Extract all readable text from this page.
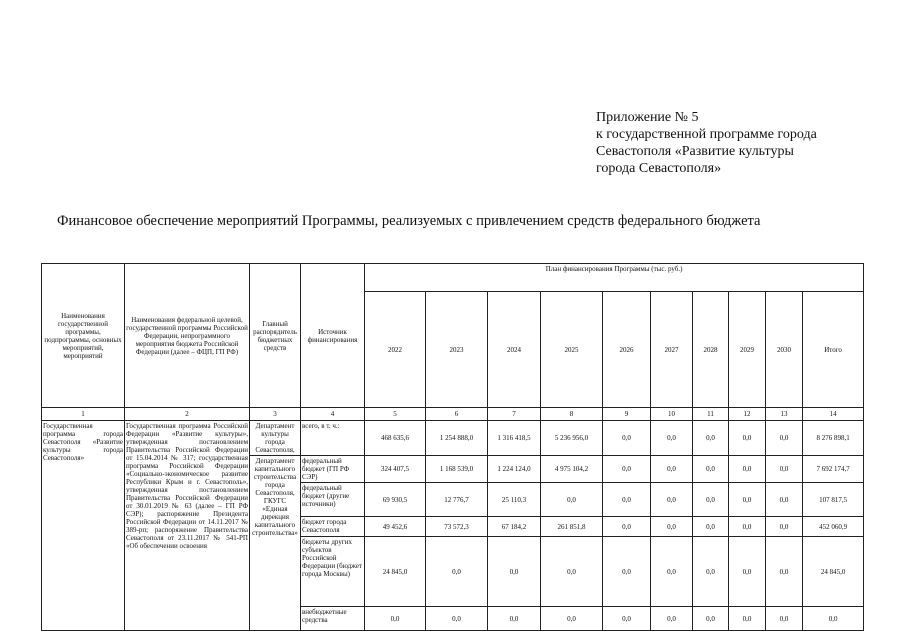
Приложение № 5
к государственной программе города
Севастополя «Развитие культуры
города Севастополя»
Финансовое обеспечение мероприятий Программы, реализуемых с привлечением средств федерального бюджета
Наименования государственной программы, подпрограммы, основных мероприятий, мероприятий	Наименования федеральной целевой, государственной программы Российской Федерации, непрограммного мероприятия бюджета Российской Федерации (далее – ФЦП, ГП РФ)	Главный распорядитель бюджетных средств	Источник финансирования	План финансирования Программы (тыс. руб.)									
				2022	2023	2024	2025	2026	2027	2028	2029	2030	Итого
1	2	3	4	5	6	7	8	9	10	11	12	13	14
Государственная программа города Севастополя «Развитие культуры города Севастополя»	Государственная программа Российской Федерации «Развитие культуры», утвержденная постановлением Правительства Российской Федерации от 15.04.2014 № 317; государственная программа Российской Федерации «Социально-экономическое развитие Республики Крым и г. Севастополь», утвержденная постановлением Правительства Российской Федерации от 30.01.2019 № 63 (далее – ГП РФ СЭР); распоряжение Президента Российской Федерации от 14.11.2017 № 389-рп; распоряжение Правительства Севастополя от 23.11.2017 № 541-РП «Об обеспечении освоения	Департамент культуры города Севастополя,	всего, в т. ч.:	468 635,6	1 254 888,0	1 316 418,5	5 236 956,0	0,0	0,0	0,0	0,0	0,0	8 276 898,1
		Департамент капитального строительства города Севастополя, ГКУГС «Единая дирекция капитального строительства»	федеральный бюджет (ГП РФ СЭР)	324 407,5	1 168 539,0	1 224 124,0	4 975 104,2	0,0	0,0	0,0	0,0	0,0	7 692 174,7
			федеральный бюджет (другие источники)	69 930,5	12 776,7	25 110,3	0,0	0,0	0,0	0,0	0,0	0,0	107 817,5
			бюджет города Севастополя	49 452,6	73 572,3	67 184,2	261 851,8	0,0	0,0	0,0	0,0	0,0	452 060,9
			бюджеты других субъектов Российской Федерации (бюджет города Москвы)	24 845,0	0,0	0,0	0,0	0,0	0,0	0,0	0,0	0,0	24 845,0
			внебюджетные средства	0,0	0,0	0,0	0,0	0,0	0,0	0,0	0,0	0,0	0,0
